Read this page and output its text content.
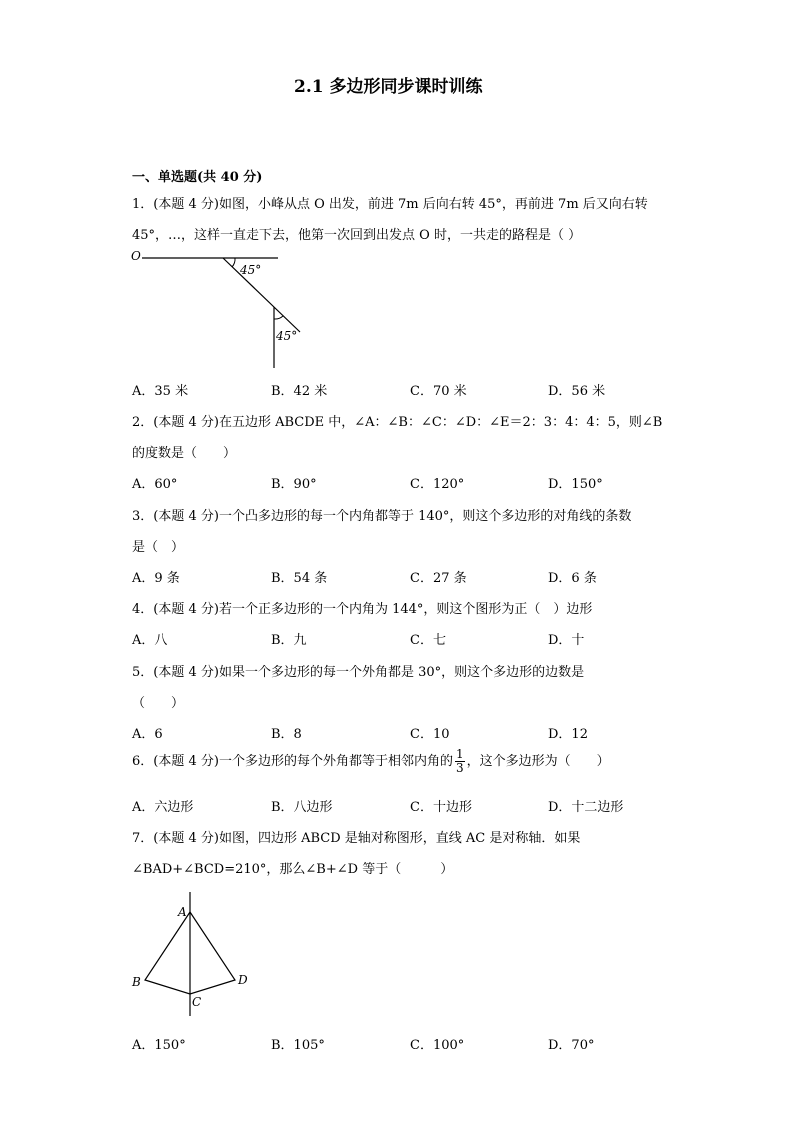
2.1 多边形同步课时训练
一、单选题(共 40 分)
1．(本题 4 分)如图，小峰从点 O 出发，前进 7m 后向右转 45°，再前进 7m 后又向右转
45°，…，这样一直走下去，他第一次回到出发点 O 时，一共走的路程是（ ）
O
45°
45°
A．35 米	B．42 米	C．70 米	D．56 米
2．(本题 4 分)在五边形 ABCDE 中，∠A：∠B：∠C：∠D：∠E＝2：3：4：4：5，则∠B
的度数是（　　）
A．60°	B．90°	C．120°	D．150°
3．(本题 4 分)一个凸多边形的每一个内角都等于 140°，则这个多边形的对角线的条数
是（　）
A．9 条	B．54 条	C．27 条	D．6 条
4．(本题 4 分)若一个正多边形的一个内角为 144°，则这个图形为正（　）边形
A．八	B．九	C．七	D．十
5．(本题 4 分)如果一个多边形的每一个外角都是 30°，则这个多边形的边数是
（　　）
A．6	B．8	C．10	D．12
6．(本题 4 分)一个多边形的每个外角都等于相邻内角的 $\frac{1}{3}$ ，这个多边形为（　　）
A．六边形	B．八边形	C．十边形	D．十二边形
7．(本题 4 分)如图，四边形 ABCD 是轴对称图形，直线 AC 是对称轴．如果
∠BAD+∠BCD=210°，那么∠B+∠D 等于（　　　）
A
B
C
D
A．150°	B．105°	C．100°	D．70°
